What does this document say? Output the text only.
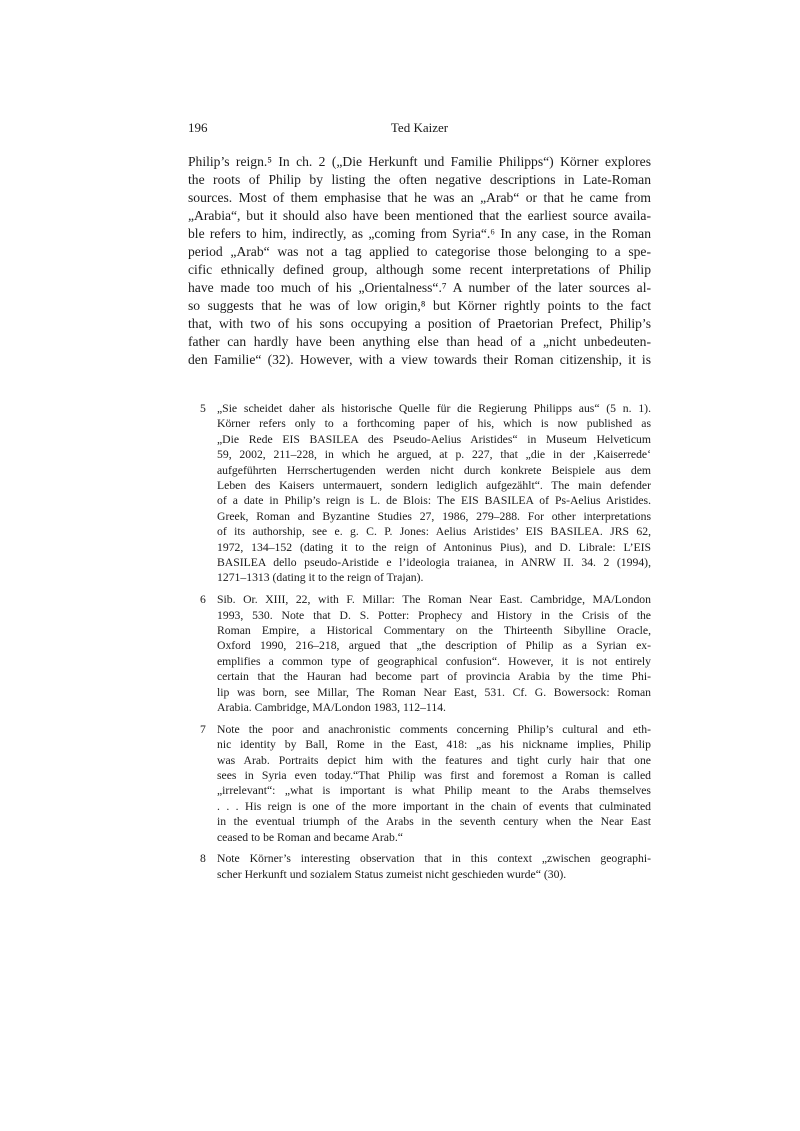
196	Ted Kaizer
Philip’s reign.⁵ In ch. 2 („Die Herkunft und Familie Philipps“) Körner explores
the roots of Philip by listing the often negative descriptions in Late-Roman
sources. Most of them emphasise that he was an „Arab“ or that he came from
„Arabia“, but it should also have been mentioned that the earliest source availa-
ble refers to him, indirectly, as „coming from Syria“.⁶ In any case, in the Roman
period „Arab“ was not a tag applied to categorise those belonging to a spe-
cific ethnically defined group, although some recent interpretations of Philip
have made too much of his „Orientalness“.⁷ A number of the later sources al-
so suggests that he was of low origin,⁸ but Körner rightly points to the fact
that, with two of his sons occupying a position of Praetorian Prefect, Philip’s
father can hardly have been anything else than head of a „nicht unbedeuten-
den Familie“ (32). However, with a view towards their Roman citizenship, it is
5 „Sie scheidet daher als historische Quelle für die Regierung Philipps aus“ (5 n. 1).
Körner refers only to a forthcoming paper of his, which is now published as
„Die Rede EIS BASILEA des Pseudo-Aelius Aristides“ in Museum Helveticum
59, 2002, 211–228, in which he argued, at p. 227, that „die in der ‚Kaiserrede‘
aufgeführten Herrschertugenden werden nicht durch konkrete Beispiele aus dem
Leben des Kaisers untermauert, sondern lediglich aufgezählt“. The main defender
of a date in Philip’s reign is L. de Blois: The EIS BASILEA of Ps-Aelius Aristides.
Greek, Roman and Byzantine Studies 27, 1986, 279–288. For other interpretations
of its authorship, see e. g. C. P. Jones: Aelius Aristides’ EIS BASILEA. JRS 62,
1972, 134–152 (dating it to the reign of Antoninus Pius), and D. Librale: L’EIS
BASILEA dello pseudo-Aristide e l’ideologia traianea, in ANRW II. 34. 2 (1994),
1271–1313 (dating it to the reign of Trajan).
6 Sib. Or. XIII, 22, with F. Millar: The Roman Near East. Cambridge, MA/London
1993, 530. Note that D. S. Potter: Prophecy and History in the Crisis of the
Roman Empire, a Historical Commentary on the Thirteenth Sibylline Oracle,
Oxford 1990, 216–218, argued that „the description of Philip as a Syrian ex-
emplifies a common type of geographical confusion“. However, it is not entirely
certain that the Hauran had become part of provincia Arabia by the time Phi-
lip was born, see Millar, The Roman Near East, 531. Cf. G. Bowersock: Roman
Arabia. Cambridge, MA/London 1983, 112–114.
7 Note the poor and anachronistic comments concerning Philip’s cultural and eth-
nic identity by Ball, Rome in the East, 418: „as his nickname implies, Philip
was Arab. Portraits depict him with the features and tight curly hair that one
sees in Syria even today.“That Philip was first and foremost a Roman is called
„irrelevant“: „what is important is what Philip meant to the Arabs themselves
. . . His reign is one of the more important in the chain of events that culminated
in the eventual triumph of the Arabs in the seventh century when the Near East
ceased to be Roman and became Arab.“
8 Note Körner’s interesting observation that in this context „zwischen geographi-
scher Herkunft und sozialem Status zumeist nicht geschieden wurde“ (30).
